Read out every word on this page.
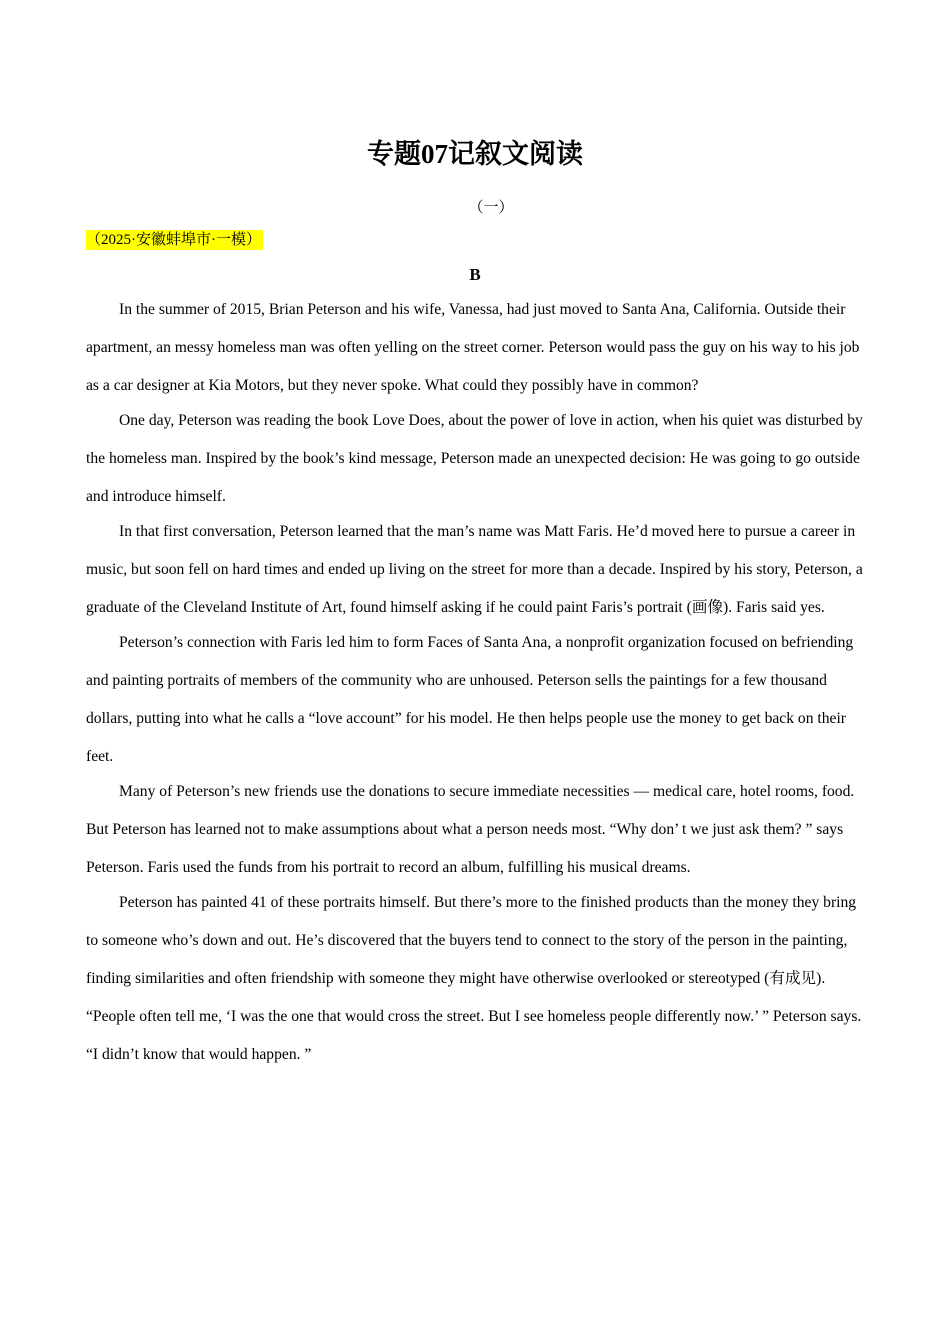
专题07记叙文阅读
（一）
（2025·安徽蚌埠市·一模）
B

In the summer of 2015, Brian Peterson and his wife, Vanessa, had just moved to Santa Ana, California. Outside their apartment, an messy homeless man was often yelling on the street corner. Peterson would pass the guy on his way to his job as a car designer at Kia Motors, but they never spoke. What could they possibly have in common?

One day, Peterson was reading the book Love Does, about the power of love in action, when his quiet was disturbed by the homeless man. Inspired by the book’s kind message, Peterson made an unexpected decision: He was going to go outside and introduce himself.

In that first conversation, Peterson learned that the man’s name was Matt Faris. He’d moved here to pursue a career in music, but soon fell on hard times and ended up living on the street for more than a decade. Inspired by his story, Peterson, a graduate of the Cleveland Institute of Art, found himself asking if he could paint Faris’s portrait (画像). Faris said yes.

Peterson’s connection with Faris led him to form Faces of Santa Ana, a nonprofit organization focused on befriending and painting portraits of members of the community who are unhoused. Peterson sells the paintings for a few thousand dollars, putting into what he calls a “love account” for his model. He then helps people use the money to get back on their feet.

Many of Peterson’s new friends use the donations to secure immediate necessities — medical care, hotel rooms, food. But Peterson has learned not to make assumptions about what a person needs most. “Why don’ t we just ask them? ” says Peterson. Faris used the funds from his portrait to record an album, fulfilling his musical dreams.

Peterson has painted 41 of these portraits himself. But there’s more to the finished products than the money they bring to someone who’s down and out. He’s discovered that the buyers tend to connect to the story of the person in the painting, finding similarities and often friendship with someone they might have otherwise overlooked or stereotyped (有成见). “People often tell me, ‘I was the one that would cross the street. But I see homeless people differently now.’ ” Peterson says. “I didn’t know that would happen. ”
